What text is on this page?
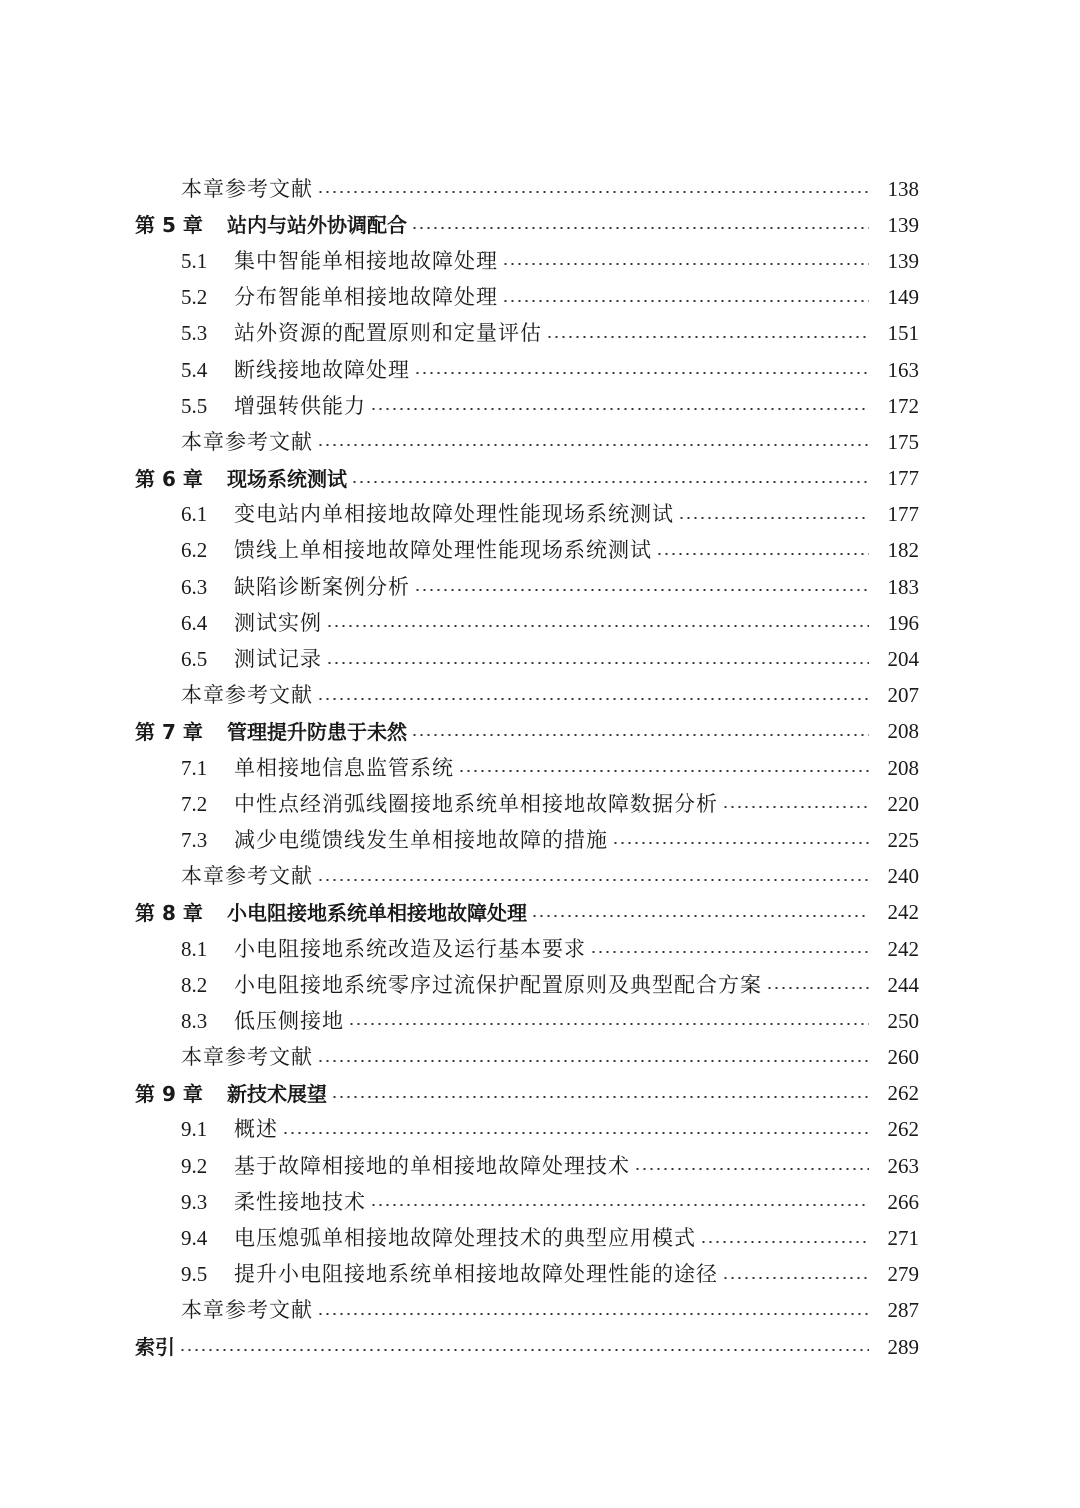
本章参考文献	138
第 5 章	站内与站外协调配合	139
5.1	集中智能单相接地故障处理	139
5.2	分布智能单相接地故障处理	149
5.3	站外资源的配置原则和定量评估	151
5.4	断线接地故障处理	163
5.5	增强转供能力	172
本章参考文献	175
第 6 章	现场系统测试	177
6.1	变电站内单相接地故障处理性能现场系统测试	177
6.2	馈线上单相接地故障处理性能现场系统测试	182
6.3	缺陷诊断案例分析	183
6.4	测试实例	196
6.5	测试记录	204
本章参考文献	207
第 7 章	管理提升防患于未然	208
7.1	单相接地信息监管系统	208
7.2	中性点经消弧线圈接地系统单相接地故障数据分析	220
7.3	减少电缆馈线发生单相接地故障的措施	225
本章参考文献	240
第 8 章	小电阻接地系统单相接地故障处理	242
8.1	小电阻接地系统改造及运行基本要求	242
8.2	小电阻接地系统零序过流保护配置原则及典型配合方案	244
8.3	低压侧接地	250
本章参考文献	260
第 9 章	新技术展望	262
9.1	概述	262
9.2	基于故障相接地的单相接地故障处理技术	263
9.3	柔性接地技术	266
9.4	电压熄弧单相接地故障处理技术的典型应用模式	271
9.5	提升小电阻接地系统单相接地故障处理性能的途径	279
本章参考文献	287
索引	289
